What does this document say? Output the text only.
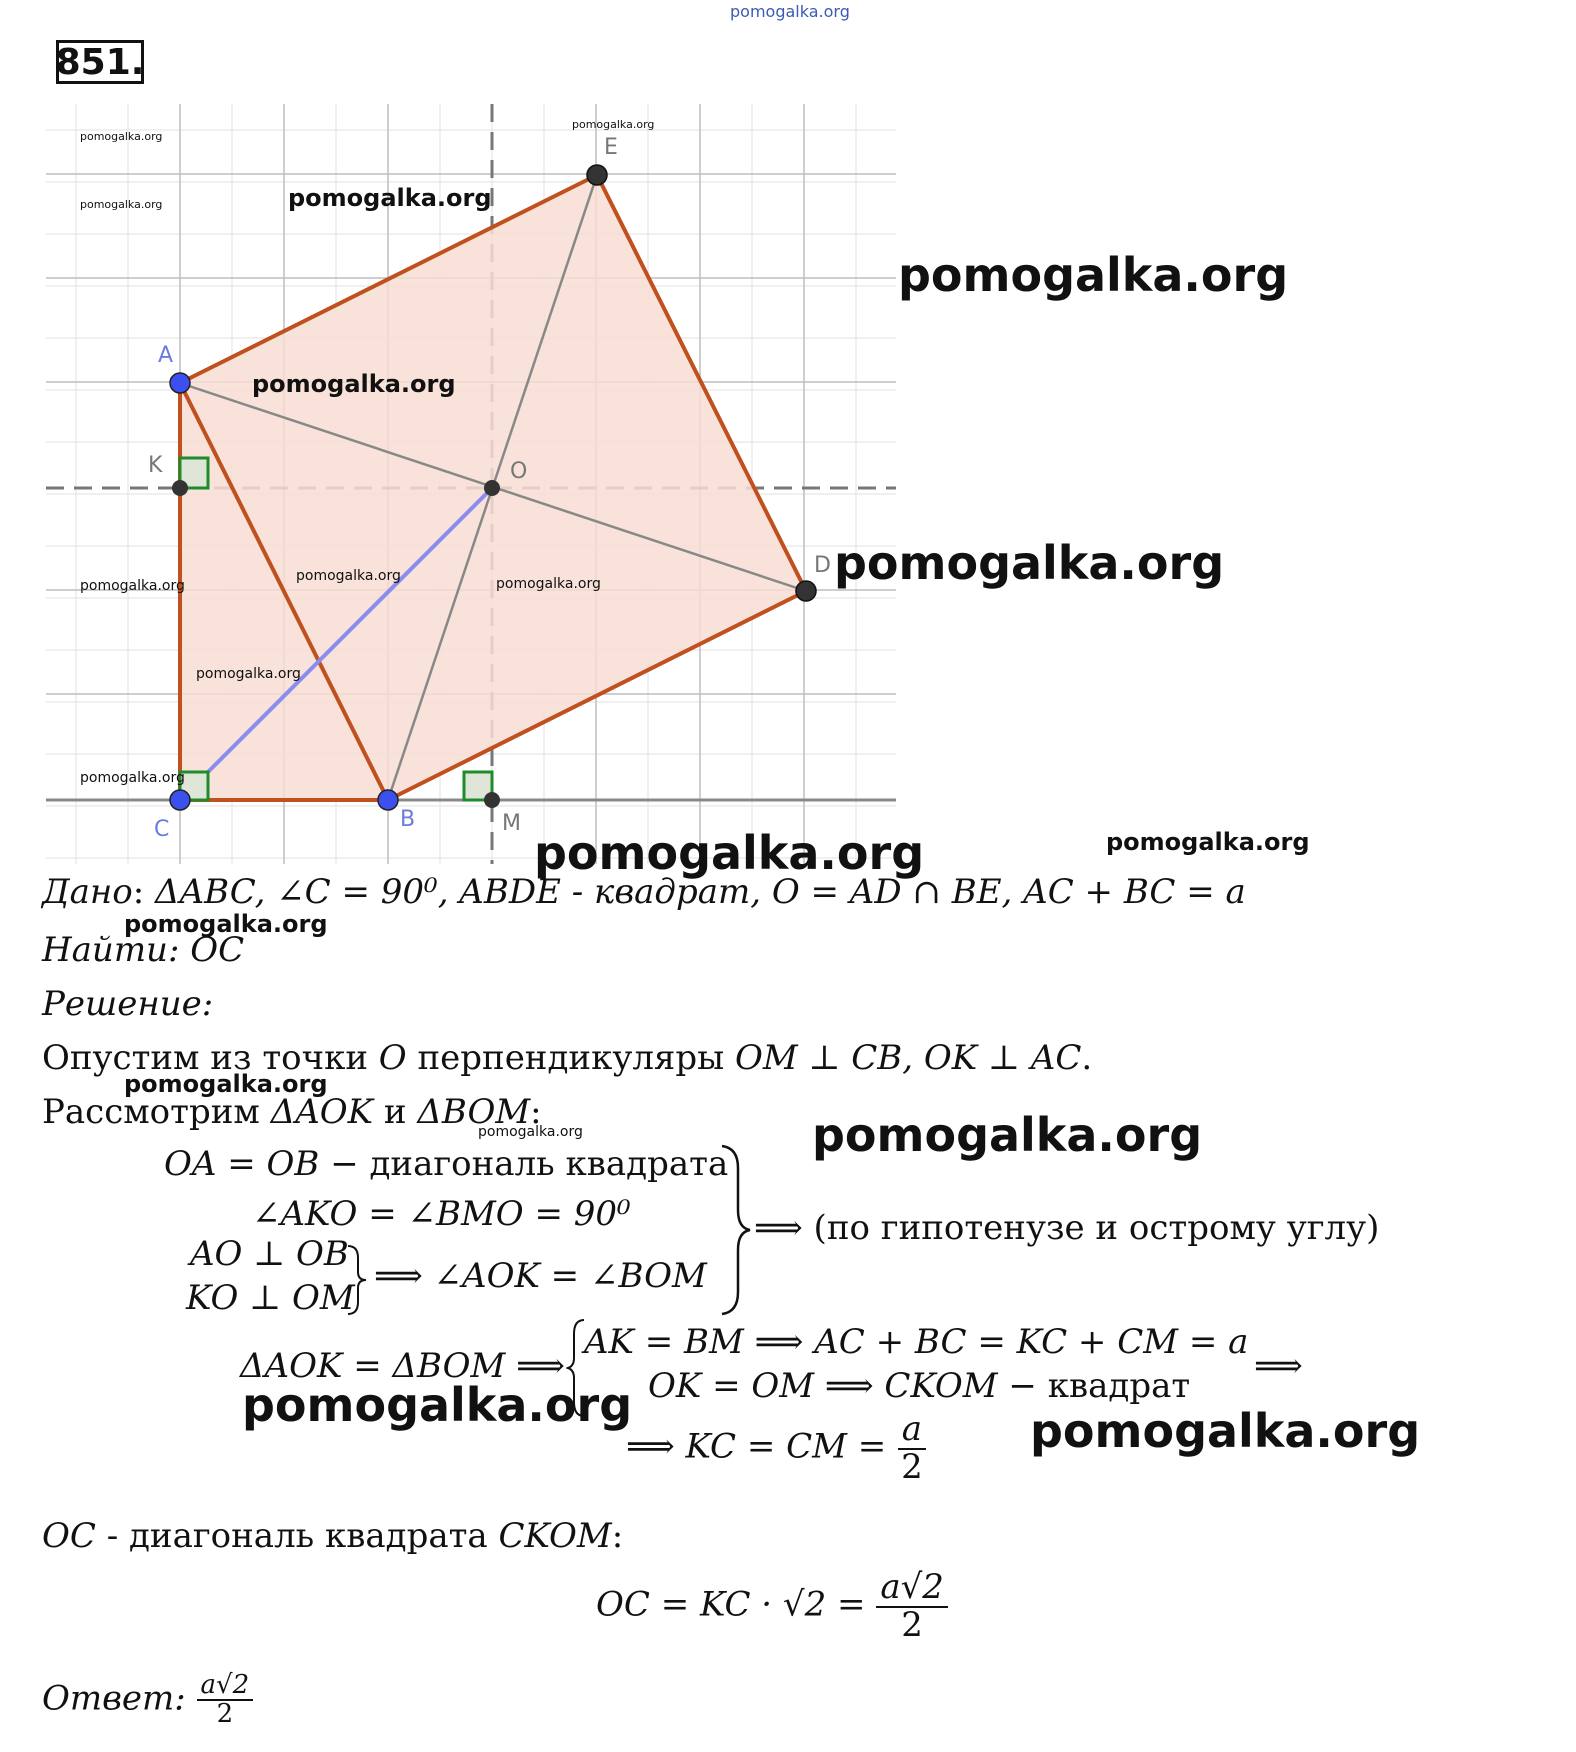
pomogalka.org
851.
A
B
C
D
E
O
K
M
pomogalka.org
pomogalka.org
pomogalka.org
pomogalka.org
pomogalka.org
pomogalka.org
pomogalka.org
pomogalka.org
pomogalka.org	pomogalka.org
pomogalka.org
pomogalka.org
pomogalka.org	pomogalka.org
Дано: ΔABC, ∠C = 90⁰, ABDE - квадрат, O = AD ∩ BE, AC + BC = a
pomogalka.org
Найти: OC
Решение:
Опустим из точки O перпендикуляры OM ⊥ CB, OK ⊥ AC.
pomogalka.org
Рассмотрим ΔAOK и ΔBOM:
pomogalka.org
OA = OB − диагональ квадрата
∠AKO = ∠BMO = 90⁰
AO ⊥ OB
KO ⊥ OM
⟹ ∠AOK = ∠BOM
⟹ (по гипотенузе и острому углу)
pomogalka.org
ΔAOK = ΔBOM ⟹
AK = BM ⟹ AC + BC = KC + CM = a
OK = OM ⟹ CKOM − квадрат ⟹
pomogalka.org
⟹ KC = CM = $\frac{a}{2}$ pomogalka.org
OC - диагональ квадрата CKOM:
OC = KC · $√2 = \frac{a√2}{2}$
Ответ: $\frac{a√2}{2}$
